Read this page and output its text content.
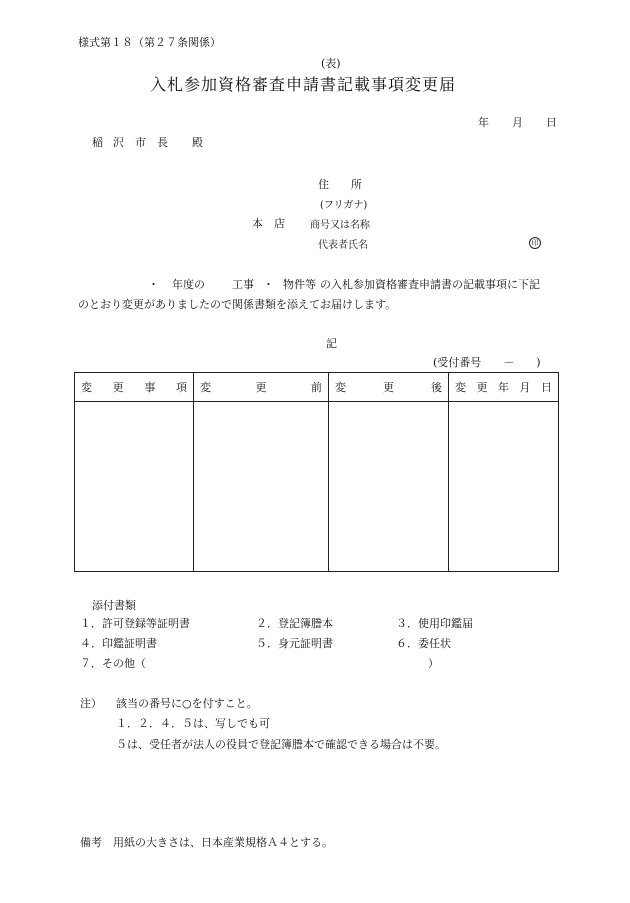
様式第１８（第２７条関係）
(表)
入札参加資格審査申請書記載事項変更届
年 月 日
稲 沢 市 長 殿
住　　所
(フリガナ)
本　店	商号又は名称
代表者氏名	印
・ 年度の 工事 ・ 物件等 の入札参加資格審査申請書の記載事項に下記
のとおり変更がありましたので関係書類を添えてお届けします。
記
(受付番号　　－　　)
変 更 事 項	変 更 前	変 更 後	変 更 年 月 日

添付書類
１．許可登録等証明書	２．登記簿謄本	３．使用印鑑届
４．印鑑証明書	５．身元証明書	６．委任状
７．その他（	）
注） 該当の番号に○を付すこと。
１．２．４．５は、写しでも可
５は、受任者が法人の役員で登記簿謄本で確認できる場合は不要。
備考　用紙の大きさは、日本産業規格Ａ４とする。
